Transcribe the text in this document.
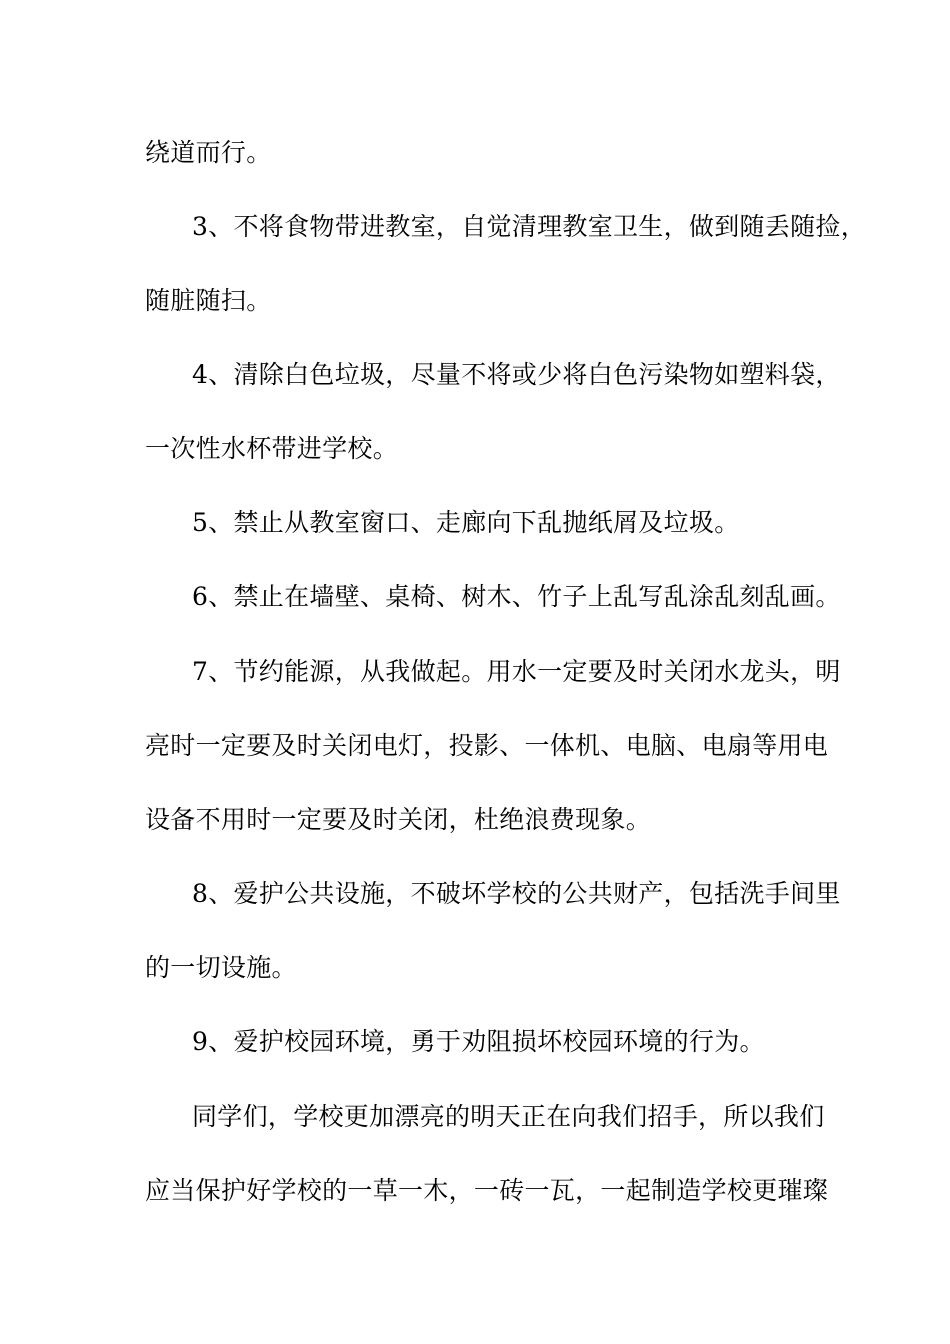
绕道而行。
3、不将食物带进教室，自觉清理教室卫生，做到随丢随捡，
随脏随扫。
4、清除白色垃圾，尽量不将或少将白色污染物如塑料袋，
一次性水杯带进学校。
5、禁止从教室窗口、走廊向下乱抛纸屑及垃圾。
6、禁止在墙壁、桌椅、树木、竹子上乱写乱涂乱刻乱画。
7、节约能源，从我做起。用水一定要及时关闭水龙头，明
亮时一定要及时关闭电灯，投影、一体机、电脑、电扇等用电
设备不用时一定要及时关闭，杜绝浪费现象。
8、爱护公共设施，不破坏学校的公共财产，包括洗手间里
的一切设施。
9、爱护校园环境，勇于劝阻损坏校园环境的行为。
同学们，学校更加漂亮的明天正在向我们招手，所以我们
应当保护好学校的一草一木，一砖一瓦，一起制造学校更璀璨
